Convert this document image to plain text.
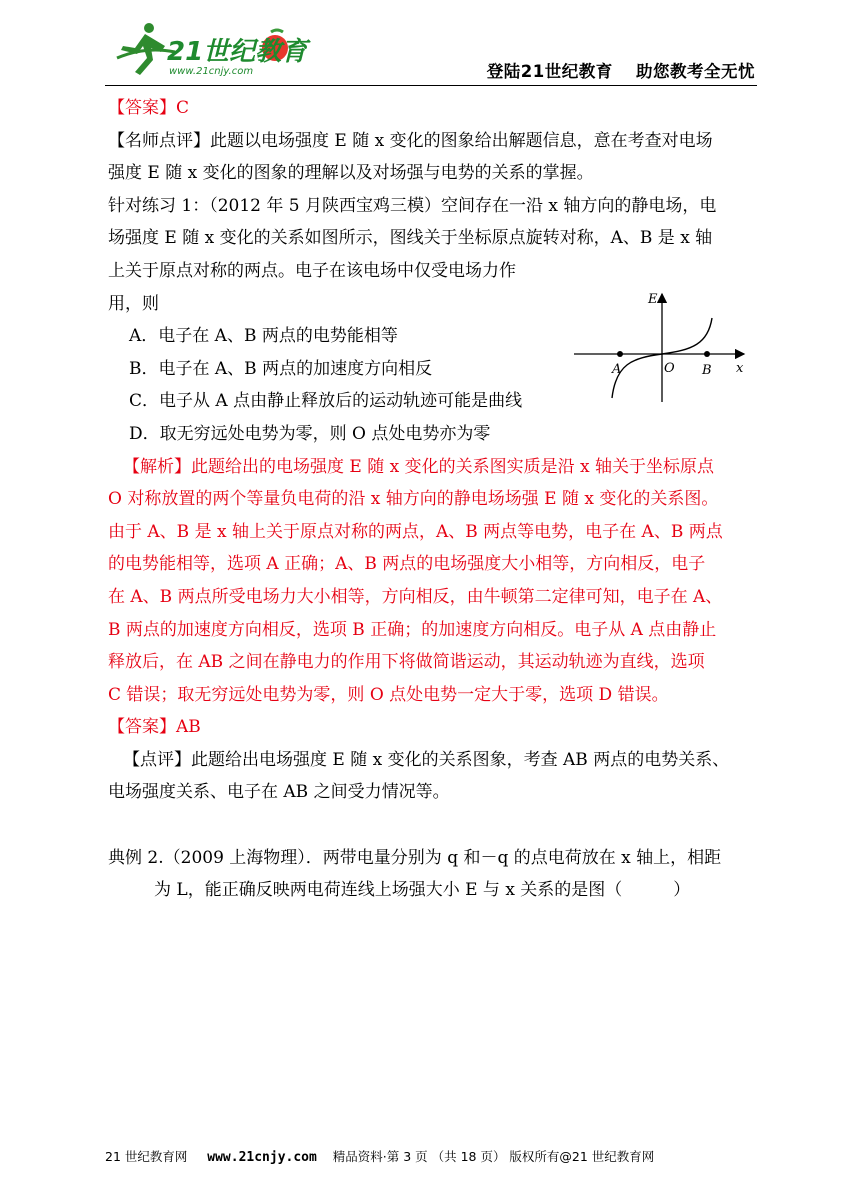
21世纪教育
www.21cnjy.com	登陆21世纪教育　 助您教考全无忧

【答案】C

【名师点评】此题以电场强度 E 随 x 变化的图象给出解题信息，意在考查对电场

强度 E 随 x 变化的图象的理解以及对场强与电势的关系的掌握。

针对练习 1：（2012 年 5 月陕西宝鸡三模）空间存在一沿 x 轴方向的静电场，电

场强度 E 随 x 变化的关系如图所示，图线关于坐标原点旋转对称，A、B 是 x 轴

上关于原点对称的两点。电子在该电场中仅受电场力作

用，则

A．电子在 A、B 两点的电势能相等

B．电子在 A、B 两点的加速度方向相反

C．电子从 A 点由静止释放后的运动轨迹可能是曲线

D．取无穷远处电势为零，则 O 点处电势亦为零

【解析】此题给出的电场强度 E 随 x 变化的关系图实质是沿 x 轴关于坐标原点

O 对称放置的两个等量负电荷的沿 x 轴方向的静电场场强 E 随 x 变化的关系图。

由于 A、B 是 x 轴上关于原点对称的两点，A、B 两点等电势，电子在 A、B 两点

的电势能相等，选项 A 正确；A、B 两点的电场强度大小相等，方向相反，电子

在 A、B 两点所受电场力大小相等，方向相反，由牛顿第二定律可知，电子在 A、

B 两点的加速度方向相反，选项 B 正确；的加速度方向相反。电子从 A 点由静止

释放后，在 AB 之间在静电力的作用下将做简谐运动，其运动轨迹为直线，选项

C 错误；取无穷远处电势为零，则 O 点处电势一定大于零，选项 D 错误。

【答案】AB

【点评】此题给出电场强度 E 随 x 变化的关系图象，考查 AB 两点的电势关系、

电场强度关系、电子在 AB 之间受力情况等。

典例 2.（2009 上海物理）．两带电量分别为 q 和－q 的点电荷放在 x 轴上，相距

为 L，能正确反映两电荷连线上场强大小 E 与 x 关系的是图（　　　）

E
x
O
A	B
21 世纪教育网 www.21cnjy.com 精品资料·第 3 页 （共 18 页） 版权所有@21 世纪教育网
